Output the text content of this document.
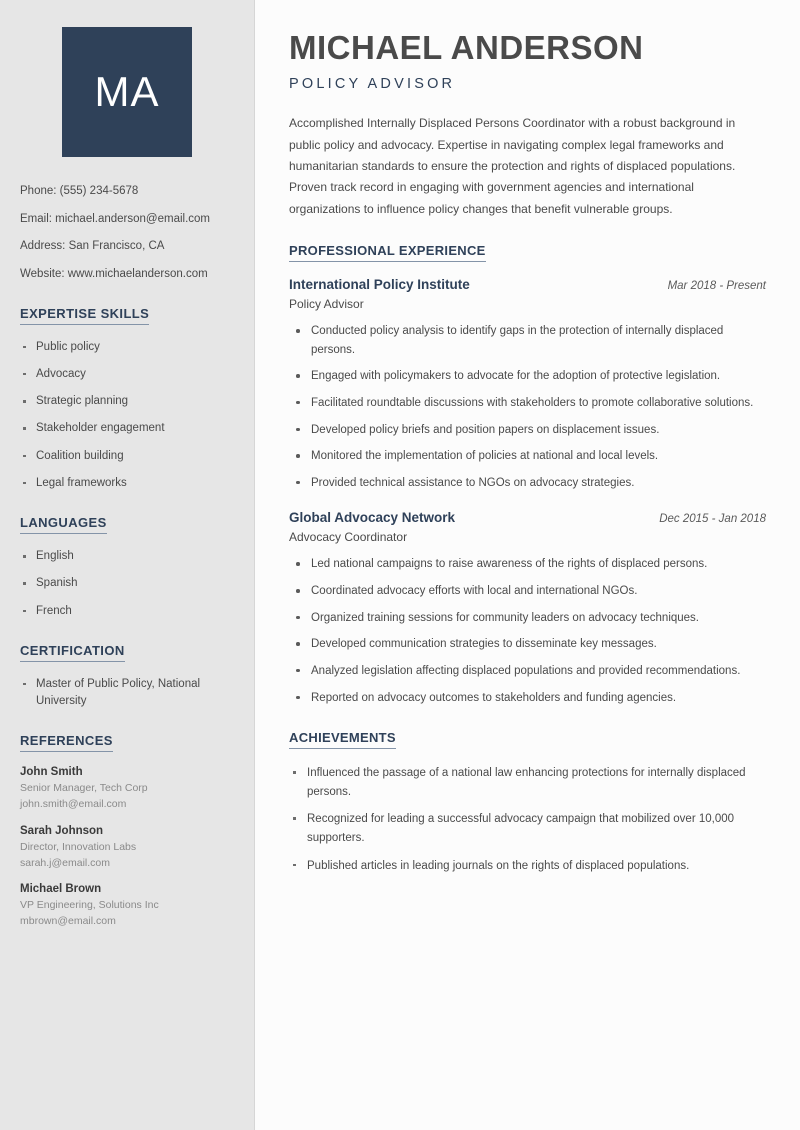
MA
Phone: (555) 234-5678
Email: michael.anderson@email.com
Address: San Francisco, CA
Website: www.michaelanderson.com
EXPERTISE SKILLS
Public policy
Advocacy
Strategic planning
Stakeholder engagement
Coalition building
Legal frameworks
LANGUAGES
English
Spanish
French
CERTIFICATION
Master of Public Policy, National University
REFERENCES
John Smith
Senior Manager, Tech Corp
john.smith@email.com
Sarah Johnson
Director, Innovation Labs
sarah.j@email.com
Michael Brown
VP Engineering, Solutions Inc
mbrown@email.com
MICHAEL ANDERSON
POLICY ADVISOR

Accomplished Internally Displaced Persons Coordinator with a robust background in public policy and advocacy. Expertise in navigating complex legal frameworks and humanitarian standards to ensure the protection and rights of displaced populations. Proven track record in engaging with government agencies and international organizations to influence policy changes that benefit vulnerable groups.

PROFESSIONAL EXPERIENCE
International Policy Institute	Mar 2018 - Present
Policy Advisor
Conducted policy analysis to identify gaps in the protection of internally displaced persons.
Engaged with policymakers to advocate for the adoption of protective legislation.
Facilitated roundtable discussions with stakeholders to promote collaborative solutions.
Developed policy briefs and position papers on displacement issues.
Monitored the implementation of policies at national and local levels.
Provided technical assistance to NGOs on advocacy strategies.
Global Advocacy Network	Dec 2015 - Jan 2018
Advocacy Coordinator
Led national campaigns to raise awareness of the rights of displaced persons.
Coordinated advocacy efforts with local and international NGOs.
Organized training sessions for community leaders on advocacy techniques.
Developed communication strategies to disseminate key messages.
Analyzed legislation affecting displaced populations and provided recommendations.
Reported on advocacy outcomes to stakeholders and funding agencies.
ACHIEVEMENTS
Influenced the passage of a national law enhancing protections for internally displaced persons.
Recognized for leading a successful advocacy campaign that mobilized over 10,000 supporters.
Published articles in leading journals on the rights of displaced populations.
